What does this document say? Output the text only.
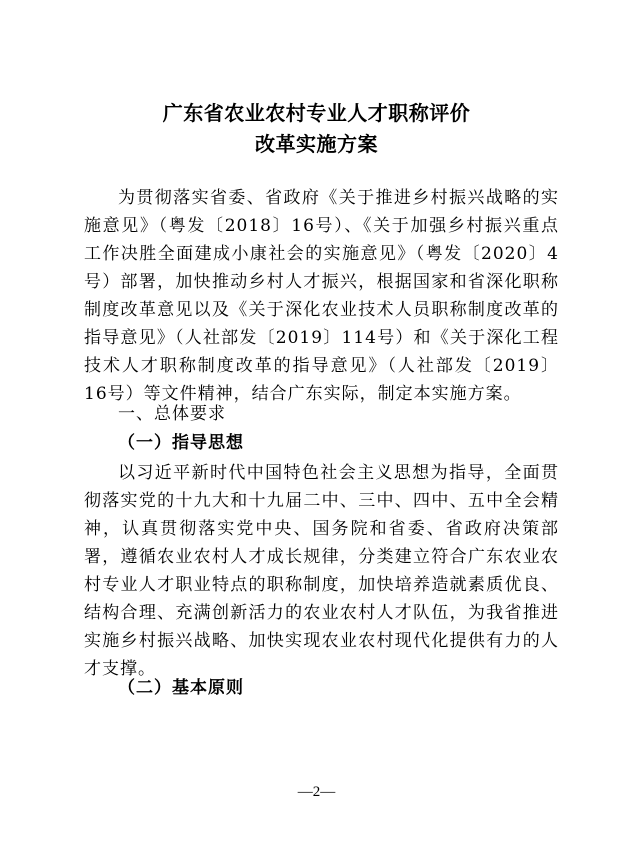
广东省农业农村专业人才职称评价
改革实施方案

为贯彻落实省委、省政府《关于推进乡村振兴战略的实施意见》（粤发〔2018〕16号）、《关于加强乡村振兴重点工作决胜全面建成小康社会的实施意见》（粤发〔2020〕4号）部署，加快推动乡村人才振兴，根据国家和省深化职称制度改革意见以及《关于深化农业技术人员职称制度改革的指导意见》（人社部发〔2019〕114号）和《关于深化工程技术人才职称制度改革的指导意见》（人社部发〔2019〕16号）等文件精神，结合广东实际，制定本实施方案。

一、总体要求

（一）指导思想

以习近平新时代中国特色社会主义思想为指导，全面贯彻落实党的十九大和十九届二中、三中、四中、五中全会精神，认真贯彻落实党中央、国务院和省委、省政府决策部署，遵循农业农村人才成长规律，分类建立符合广东农业农村专业人才职业特点的职称制度，加快培养造就素质优良、结构合理、充满创新活力的农业农村人才队伍，为我省推进实施乡村振兴战略、加快实现农业农村现代化提供有力的人才支撑。

（二）基本原则

—2—
